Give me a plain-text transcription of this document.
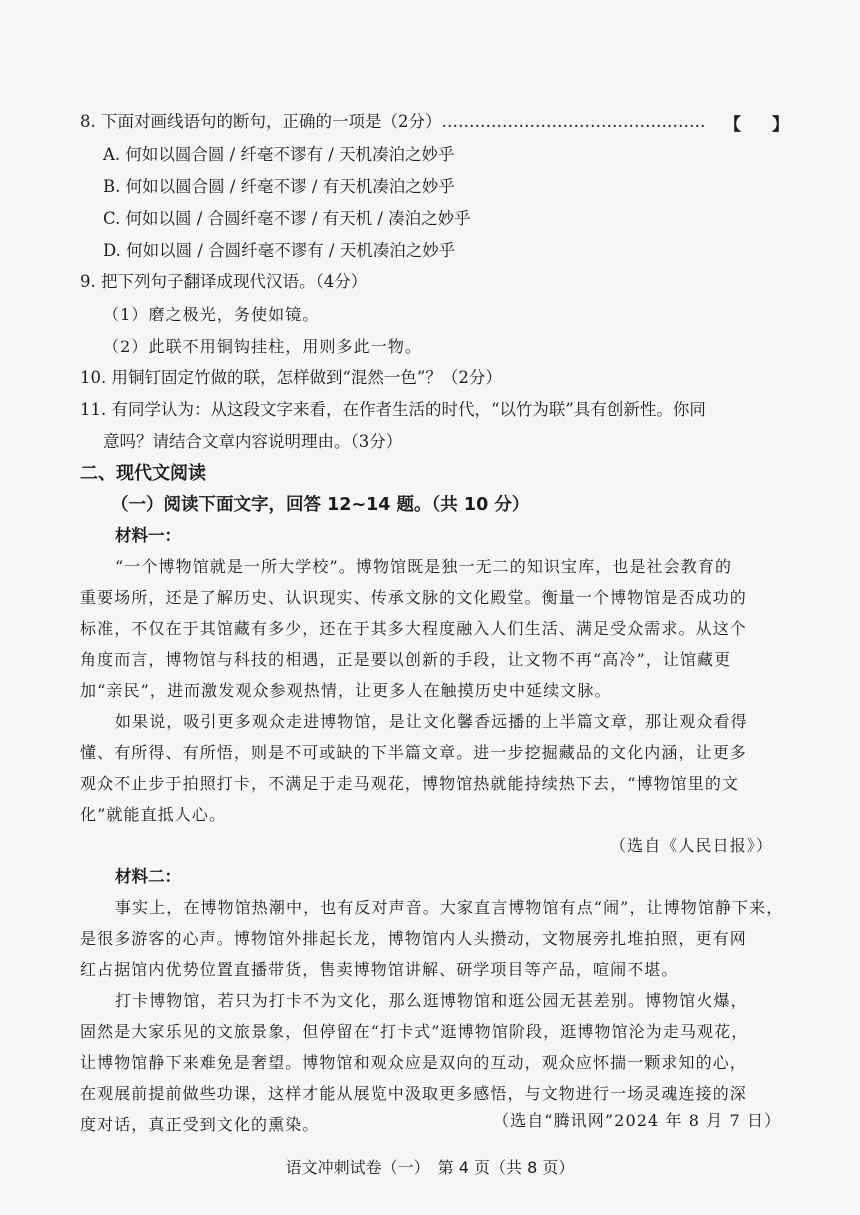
8. 下面对画线语句的断句，正确的一项是（2分）………………………………………… 【 】
A. 何如以圆合圆 / 纤毫不谬有 / 天机凑泊之妙乎
B. 何如以圆合圆 / 纤毫不谬 / 有天机凑泊之妙乎
C. 何如以圆 / 合圆纤毫不谬 / 有天机 / 凑泊之妙乎
D. 何如以圆 / 合圆纤毫不谬有 / 天机凑泊之妙乎
9. 把下列句子翻译成现代汉语。（4分）
（1）磨之极光，务使如镜。
（2）此联不用铜钩挂柱，用则多此一物。
10. 用铜钉固定竹做的联，怎样做到“混然一色”？（2分）
11. 有同学认为：从这段文字来看，在作者生活的时代，“以竹为联”具有创新性。你同
意吗？请结合文章内容说明理由。（3分）
二、现代文阅读
（一）阅读下面文字，回答 12~14 题。（共 10 分）
材料一：
“一个博物馆就是一所大学校”。博物馆既是独一无二的知识宝库，也是社会教育的
重要场所，还是了解历史、认识现实、传承文脉的文化殿堂。衡量一个博物馆是否成功的
标准，不仅在于其馆藏有多少，还在于其多大程度融入人们生活、满足受众需求。从这个
角度而言，博物馆与科技的相遇，正是要以创新的手段，让文物不再“高冷”，让馆藏更
加“亲民”，进而激发观众参观热情，让更多人在触摸历史中延续文脉。
如果说，吸引更多观众走进博物馆，是让文化馨香远播的上半篇文章，那让观众看得
懂、有所得、有所悟，则是不可或缺的下半篇文章。进一步挖掘藏品的文化内涵，让更多
观众不止步于拍照打卡，不满足于走马观花，博物馆热就能持续热下去，“博物馆里的文
化”就能直抵人心。
（选自《人民日报》）
材料二：
事实上，在博物馆热潮中，也有反对声音。大家直言博物馆有点“闹”，让博物馆静下来，
是很多游客的心声。博物馆外排起长龙，博物馆内人头攒动，文物展旁扎堆拍照，更有网
红占据馆内优势位置直播带货，售卖博物馆讲解、研学项目等产品，喧闹不堪。
打卡博物馆，若只为打卡不为文化，那么逛博物馆和逛公园无甚差别。博物馆火爆，
固然是大家乐见的文旅景象，但停留在“打卡式”逛博物馆阶段，逛博物馆沦为走马观花，
让博物馆静下来难免是奢望。博物馆和观众应是双向的互动，观众应怀揣一颗求知的心，
在观展前提前做些功课，这样才能从展览中汲取更多感悟，与文物进行一场灵魂连接的深
度对话，真正受到文化的熏染。	（选自“腾讯网”2024 年 8 月 7 日）
语文冲刺试卷（一）　第 4 页（共 8 页）
